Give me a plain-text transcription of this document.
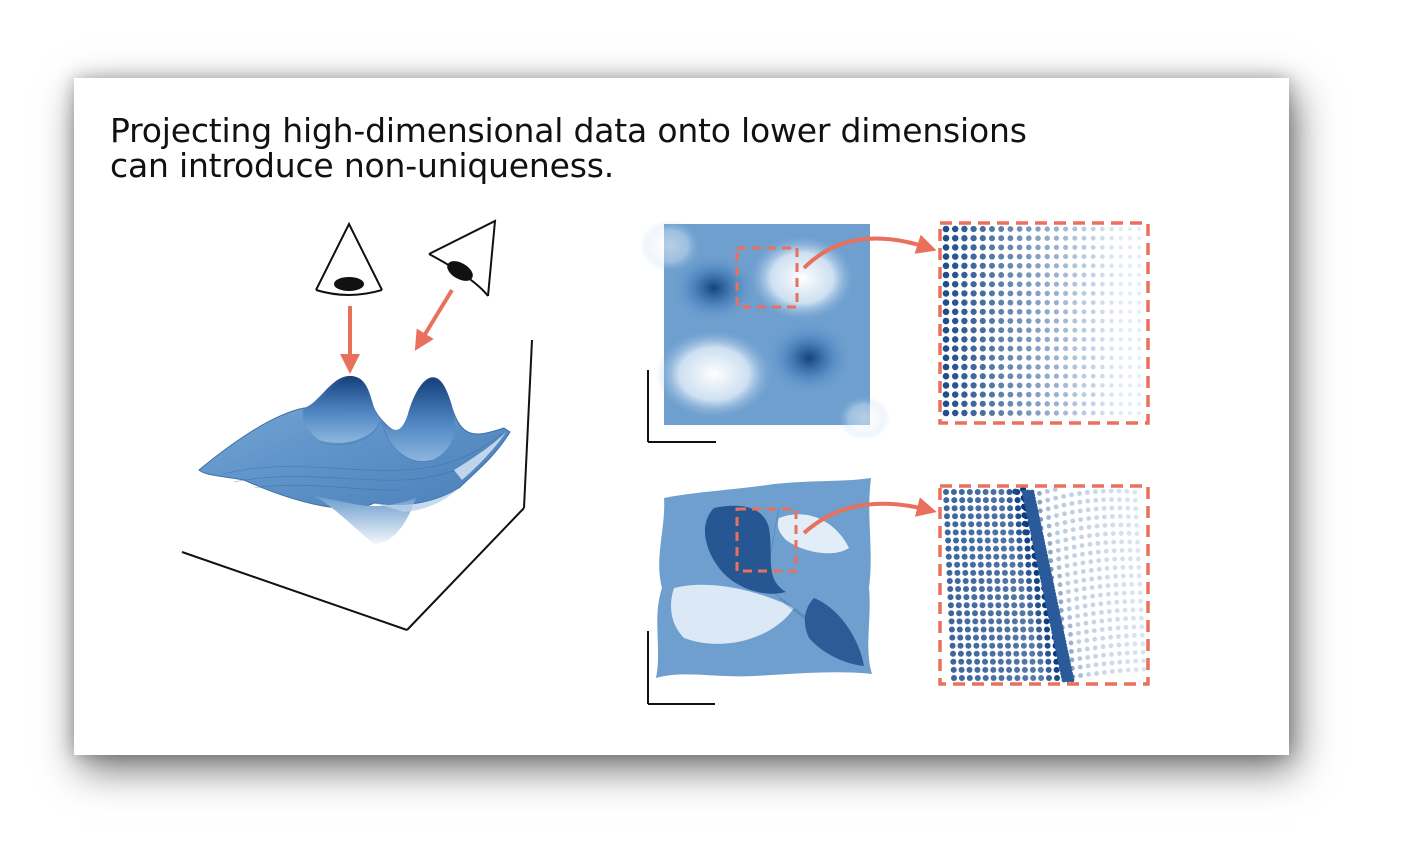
Projecting high-dimensional data onto lower dimensions
can introduce non-uniqueness.
